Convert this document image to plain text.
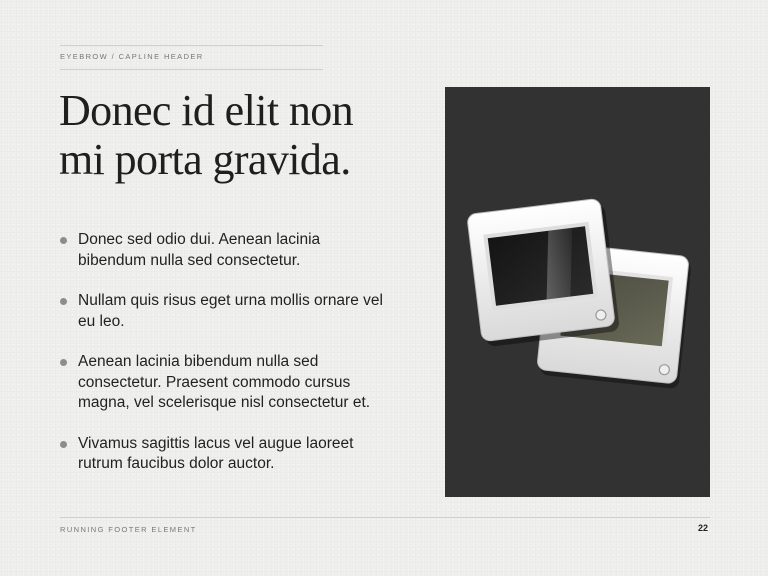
EYEBROW / CAPLINE HEADER
Donec id elit non
mi porta gravida.
Donec sed odio dui. Aenean lacinia
bibendum nulla sed consectetur.
Nullam quis risus eget urna mollis ornare vel
eu leo.
Aenean lacinia bibendum nulla sed
consectetur. Praesent commodo cursus
magna, vel scelerisque nisl consectetur et.
Vivamus sagittis lacus vel augue laoreet
rutrum faucibus dolor auctor.
RUNNING FOOTER ELEMENT	22
